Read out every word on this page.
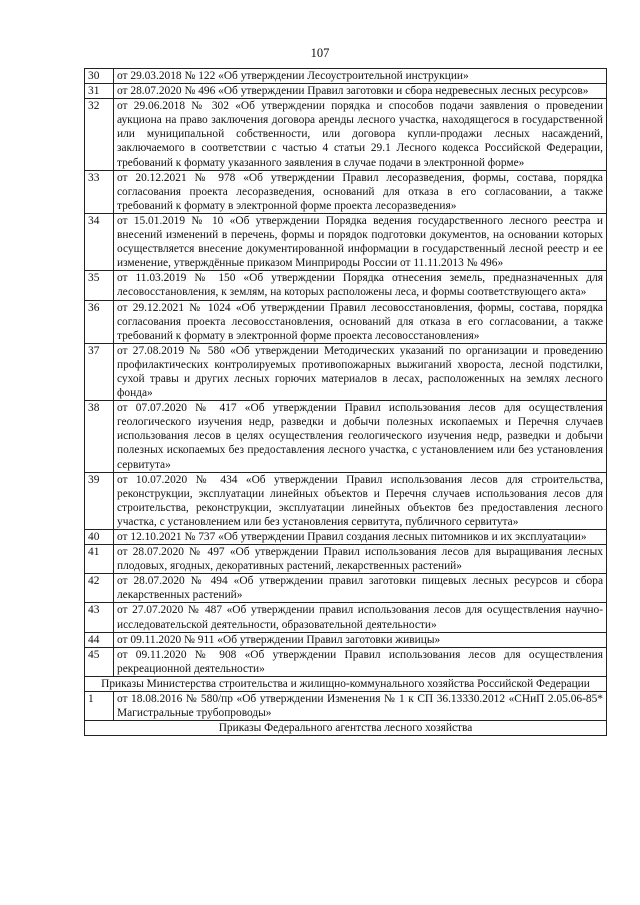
107
30	от 29.03.2018 № 122 «Об утверждении Лесоустроительной инструкции»
31	от 28.07.2020 № 496 «Об утверждении Правил заготовки и сбора недревесных лесных ресурсов»
32	от 29.06.2018 № 302 «Об утверждении порядка и способов подачи заявления о проведении аукциона на право заключения договора аренды лесного участка, находящегося в государственной или муниципальной собственности, или договора купли-продажи лесных насаждений, заключаемого в соответствии с частью 4 статьи 29.1 Лесного кодекса Российской Федерации, требований к формату указанного заявления в случае подачи в электронной форме»
33	от 20.12.2021 № 978 «Об утверждении Правил лесоразведения, формы, состава, порядка согласования проекта лесоразведения, оснований для отказа в его согласовании, а также требований к формату в электронной форме проекта лесоразведения»
34	от 15.01.2019 № 10 «Об утверждении Порядка ведения государственного лесного реестра и внесений изменений в перечень, формы и порядок подготовки документов, на основании которых осуществляется внесение документированной информации в государственный лесной реестр и ее изменение, утверждённые приказом Минприроды России от 11.11.2013 № 496»
35	от 11.03.2019 № 150 «Об утверждении Порядка отнесения земель, предназначенных для лесовосстановления, к землям, на которых расположены леса, и формы соответствующего акта»
36	от 29.12.2021 № 1024 «Об утверждении Правил лесовосстановления, формы, состава, порядка согласования проекта лесовосстановления, оснований для отказа в его согласовании, а также требований к формату в электронной форме проекта лесовосстановления»
37	от 27.08.2019 № 580 «Об утверждении Методических указаний по организации и проведению профилактических контролируемых противопожарных выжиганий хвороста, лесной подстилки, сухой травы и других лесных горючих материалов в лесах, расположенных на землях лесного фонда»
38	от 07.07.2020 № 417 «Об утверждении Правил использования лесов для осуществления геологического изучения недр, разведки и добычи полезных ископаемых и Перечня случаев использования лесов в целях осуществления геологического изучения недр, разведки и добычи полезных ископаемых без предоставления лесного участка, с установлением или без установления сервитута»
39	от 10.07.2020 № 434 «Об утверждении Правил использования лесов для строительства, реконструкции, эксплуатации линейных объектов и Перечня случаев использования лесов для строительства, реконструкции, эксплуатации линейных объектов без предоставления лесного участка, с установлением или без установления сервитута, публичного сервитута»
40	от 12.10.2021 № 737 «Об утверждении Правил создания лесных питомников и их эксплуатации»
41	от 28.07.2020 № 497 «Об утверждении Правил использования лесов для выращивания лесных плодовых, ягодных, декоративных растений, лекарственных растений»
42	от 28.07.2020 № 494 «Об утверждении правил заготовки пищевых лесных ресурсов и сбора лекарственных растений»
43	от 27.07.2020 № 487 «Об утверждении правил использования лесов для осуществления научно-исследовательской деятельности, образовательной деятельности»
44	от 09.11.2020 № 911 «Об утверждении Правил заготовки живицы»
45	от 09.11.2020 № 908 «Об утверждении Правил использования лесов для осуществления рекреационной деятельности»
Приказы Министерства строительства и жилищно-коммунального хозяйства Российской Федерации	
1	от 18.08.2016 № 580/пр «Об утверждении Изменения № 1 к СП 36.13330.2012 «СНиП 2.05.06-85* Магистральные трубопроводы»
Приказы Федерального агентства лесного хозяйства	
